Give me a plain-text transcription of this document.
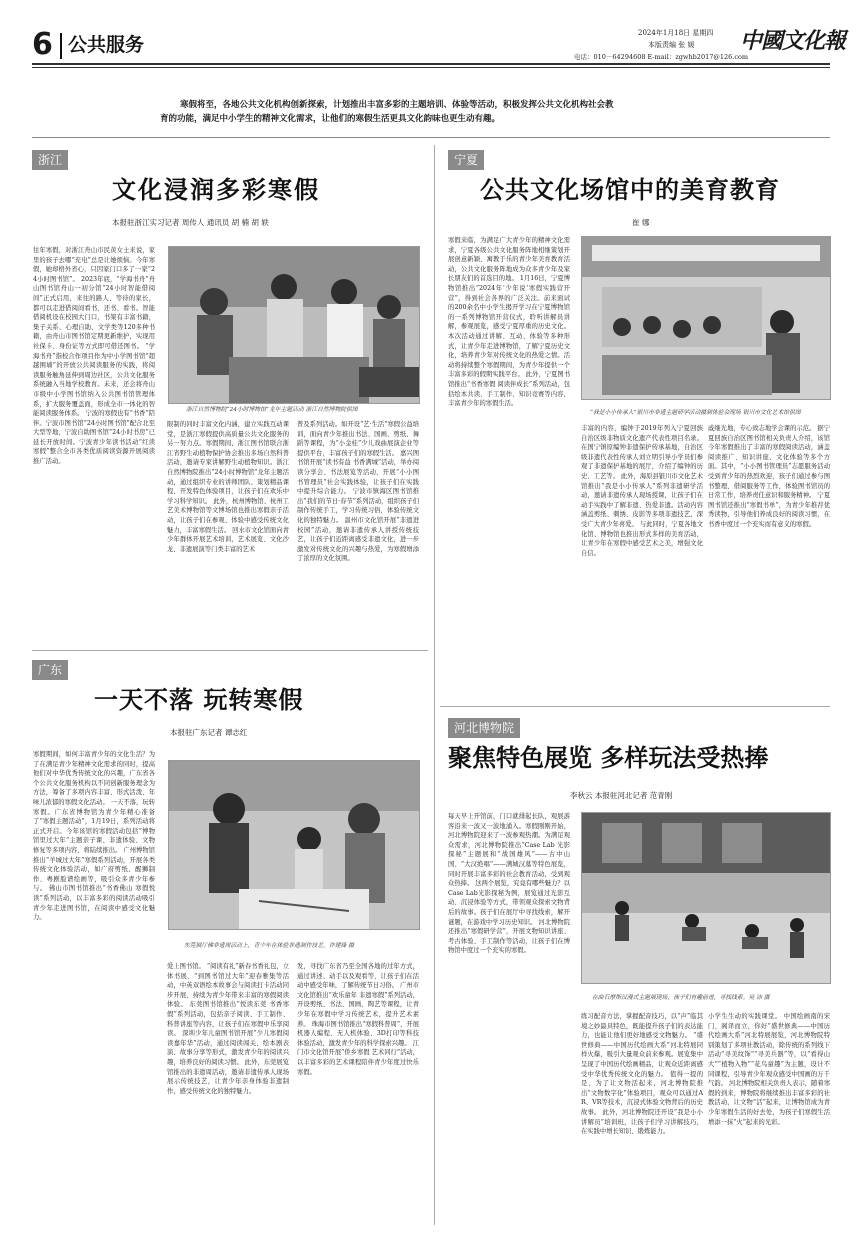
6 公共服务
2024年1月18日 星期四
本版责编 张 媛 中國文化報
电话：010－64294608 E-mail：zgwhb2017@126.com
寒假将至，各地公共文化机构创新探索，计划推出丰富多彩的主题培训、体验等活动，积极发挥公共文化机构社会教
育的功能，满足中小学生的精神文化需求，让他们的寒假生活更具文化韵味也更生动有趣。
浙江
文化浸润多彩寒假
本报驻浙江实习记者 周传人 通讯员 胡 楠 胡 轶
往年寒假，对浙江舟山市民黄女士来说，家里的孩子去哪“充电”总是让她烦恼。今年寒假，她却格外省心，只因家门口多了一家“24小时图书馆”。 2023年底，“学海书舟”舟山图书馆舟山一初分馆“24小时智能借阅间”正式启用，来往的路人、等待的家长，都可以走进借阅间看书、还书、看书。智能借阅机设在校园大门口，书架有丰富书籍，集子关系、心理自助、文学类等120多种书籍，由舟山市图书馆定期更新维护，实现用社保卡、身份证等方式即可借还图书。 “学海书舟”指校合作项目作为中小学图书馆“超越围墙”的开放公共阅读服务的实践，将阅读服务触角延伸到周边社区，公共文化服务系统融入当地学校教育。未来，还会将舟山市级中小学图书馆纳入公共图书馆管理体系，扩大服务覆盖面，形成全市一体化的智能阅读服务体系。 宁波的寒假也有“书香”陪伴。宁波市图书馆“24小时图书馆”配合北至大型等地，宁波自助图书馆“24小时书房”已延长开放时间。宁波青少年读书活动“红读寒假”整合全市各类优质阅读资源开展阅读推广活动。
浙江自然博物院“24小时博物馆”龙年主题活动 浙江自然博物院供图
限制的同时丰富文化内涵，建立实践互动课堂，是浙江寒假提供高质量公共文化服务的另一努力点。寒假期间，浙江图书馆联合浙江省野生动植物保护协会推出多场自然科普活动，邀请专家讲解野生动植物知识。浙江自然博物院推出“24小时博物馆”龙年主题活动，通过组织专业的讲师团队、策划精品课程、开发特色体验项目，让孩子们在欢乐中学习科学知识。 此外，杭州博物馆、杭州工艺美术博物馆等文博场馆也推出寒假亲子活动，让孩子们在参观、体验中感受传统文化魅力，丰富寒假生活。 回水市文化馆面向青少年群体开展艺术培训，艺术展览、文化沙龙、非遗展演等门类丰富的艺术
普及系列活动。如开设“艺·生活”寒假公益培训，面向青少年推出书法、国画、剪纸、舞蹈等课程，为“小金桂”少儿戏曲展演企业等提供平台，丰富孩子们的寒假生活。 嘉兴图书馆开展“读书有益 书香满城”活动，举办阅读分享会、书法展览等活动，开展“小小图书管理员”社会实践体验，让孩子们在实践中提升综合能力。 宁波市镇海区图书馆推出“我们的节日·春节”系列活动，组织孩子们制作传统手工，学习传统习俗，体验传统文化的独特魅力。 温州市文化馆开展“非遗进校园”活动，邀请非遗传承人讲授传统技艺，让孩子们近距离感受非遗文化，进一步激发对传统文化的兴趣与热爱，为寒假增添了浓厚的文化氛围。
宁夏
公共文化场馆中的美育教育
崔 娜
寒假来临，为满足广大青少年的精神文化需求，宁夏各级公共文化服务阵地相继策划开展创意新颖、寓教于乐的青少年美育教育活动，公共文化服务阵地成为众多青少年及家长朋友们的首选目的地。 1月16日，宁夏博物馆推出“2024年‘少年说’寒假实践营开营”，得到社会各界的广泛关注。前来面试的200余名中小学生揭开学习在宁夏博物馆的一系列博物馆开营仪式，聆听讲解员讲解，参观展览，感受宁夏厚重的历史文化。 本次活动通过讲解、互动、体验等多种形式，让青少年走进博物馆，了解宁夏历史文化，培养青少年对传统文化的热爱之情。活动将持续整个寒假期间，为青少年提供一个丰富多彩的假期实践平台。 此外，宁夏图书馆推出“书香寒假 阅读伴成长”系列活动，包括绘本共读、手工制作、知识竞赛等内容，丰富青少年的寒假生活。
“我是小小传承人”银川市非遗主题研学活动摄制体验会现场 银川市文化艺术馆供图
丰富的内容，编钟于2019年列入宁夏回族自治区级非物质文化遗产代表性项目名录。在国宁镇原编钟非遗保护传承基地，自治区级非遗代表性传承人刘立明引导小学员们参观了非遗保护基地的展厅，介绍了编钟的历史、工艺等。 此外，海原县银川市文化艺术馆推出“我是小小传承人”系列非遗研学活动，邀请非遗传承人现场授课，让孩子们在动手实践中了解非遗、热爱非遗。活动内容涵盖剪纸、刺绣、皮影等多项非遗技艺，深受广大青少年喜爱。 与此同时，宁夏各地文化馆、博物馆也推出形式多样的美育活动，让青少年在寒假中感受艺术之美，增强文化自信。
戚继光地，专心致志地学会课的示范。 据宁夏回族自治区图书馆相关负责人介绍，该馆今年寒假推出了丰富的寒假阅读活动，涵盖阅读推广、知识讲座、文化体验等多个方面。其中，“小小图书管理员”志愿服务活动受到青少年的热烈欢迎，孩子们通过参与图书整理、借阅服务等工作，体验图书馆员的日常工作，培养责任意识和服务精神。 宁夏图书馆还推出“寒假书单”，为青少年推荐优秀读物，引导他们养成良好的阅读习惯，在书香中度过一个充实而有意义的寒假。
广东
一天不落 玩转寒假
本报驻广东记者 谭志红
寒假期间，如何丰富青少年的文化生活？为了在满足青少年精神文化需求的同时，提高他们对中华优秀传统文化的兴趣，广东省各个公共文化服务机构以不同创新服务理念为方法，筹备了多项内容丰富、形式活泼、年味儿浓郁的寒假文化活动。 一天不落，玩转寒假。广东省博物馆为青少年精心准备了“寒假主题活动”，1月19日，系列活动将正式开启。今年该馆的寒假活动包括“博物馆里过大年”主题亲子课、非遗体验、文物修复等多项内容，将陆续推出。 广州博物馆推出“羊城过大年”寒假系列活动，开展各类传统文化体验活动，如广府剪纸、醒狮制作、粤剧脸谱绘画等，吸引众多青少年参与。 佛山市图书馆推出“书香佛山 寒假悦读”系列活动，以丰富多彩的阅读活动吸引青少年走进图书馆，在阅读中感受文化魅力。
东莞展厅佛非遗周活动上，青少年在体验非遗制作技艺。许建锋 摄
爱上图书馆。 “阅读有礼”新春书香礼包，立体书展、“到图书馆过大年”迎春雅集等活动，中英双语绘本故事会与阅读打卡活动同步开展，持续为青少年带来丰富的寒假阅读体验。 东莞图书馆推出“悦读东莞 书香寒假”系列活动，包括亲子阅读、手工制作、科普讲座等内容，让孩子们在寒假中乐享阅读。 深圳少年儿童图书馆开展“少儿寒假阅读嘉年华”活动，通过阅读闯关、绘本剧表演、故事分享等形式，激发青少年的阅读兴趣，培养良好的阅读习惯。 此外，东莞展览馆推出的非遗周活动，邀请非遗传承人现场展示传统技艺，让青少年亲身体验非遗制作，感受传统文化的独特魅力。
发，寻找广东省乃至全国各地的过年方式，通过讲述、动手以及观看等，让孩子们在活动中感受年味，了解传统节日习俗。 广州市文化馆推出“欢乐童年 非遗寒假”系列活动，开设剪纸、书法、国画、陶艺等课程，让青少年在寒假中学习传统艺术，提升艺术素养。 珠海市图书馆推出“寒假科普周”，开展机器人编程、无人机体验、3D打印等科技体验活动，激发青少年的科学探索兴趣。 江门市文化馆开展“侨乡寒假 艺术同行”活动，以丰富多彩的艺术课程陪伴青少年度过快乐寒假。
河北博物院
聚焦特色展览 多样玩法受热捧
李秋云 本报驻河北记者 范青刚
每天早上开馆前，门口就排起长队，观展游客沿来一波又一波地涌入。寒假刚刚开始，河北博物院迎来了一波参观热潮。为满足观众需求，河北博物院推出“Case Lab 光影探秘”主题展和“战国雄风”——古中山国、“大汉绝唱”——满城汉墓等特色展览，同时开展丰富多彩的社会教育活动，受到观众热捧。 这两个展览，究竟有哪些魅力？以Case Lab光影探秘为例，展览通过光影互动、沉浸体验等方式，带领观众探索文物背后的故事。孩子们在展厅中寻找线索，解开谜题，在游戏中学习历史知识。 河北博物院还推出“寒假研学营”，开展文物知识讲座、考古体验、手工制作等活动，让孩子们在博物馆中度过一个充实的寒假。
在曲石摩斯汉漫式主题展现场，孩子们有趣前进，寻找线索。吴 沛 摄
练习配音方法，掌握配音技巧，以“声”临其境之妙最具特色，既能提升孩子们的表达能力，也能让他们更好地感受文物魅力。 “盛世修典——中国历代绘画大系”河北特展同样火爆，吸引大量观众前来参观。展览集中呈现了中国历代绘画精品，让观众近距离感受中华优秀传统文化的魅力。 值得一提的是，为了让文物活起来，河北博物院推出“文物数字化”体验项目，观众可以通过AR、VR等技术，沉浸式体验文物背后的历史故事。 此外，河北博物院还开设“我是小小讲解员”培训班，让孩子们学习讲解技巧，在实践中增长知识、锻炼能力。
小学生生动的实践课堂。 中国绘画南的宋门、阁译而立，你好“盛世修典——中国历代绘画大系”河北特展展览，河北博物院特别策划了多项社教活动，除传统的系列线下活动“寻美纹饰”“寻美兵器”等，以“看得山大”“植物入物”“花鸟童趣”为主题，设计不同课程，引导青少年观众感受中国画的万千气韵。 河北博物院相关负责人表示，随着寒假的到来，博物院将继续推出丰富多彩的社教活动，让文物“活”起来，让博物馆成为青少年寒假生活的好去处，为孩子们寒假生活增添一抹“火”起来的光彩。
